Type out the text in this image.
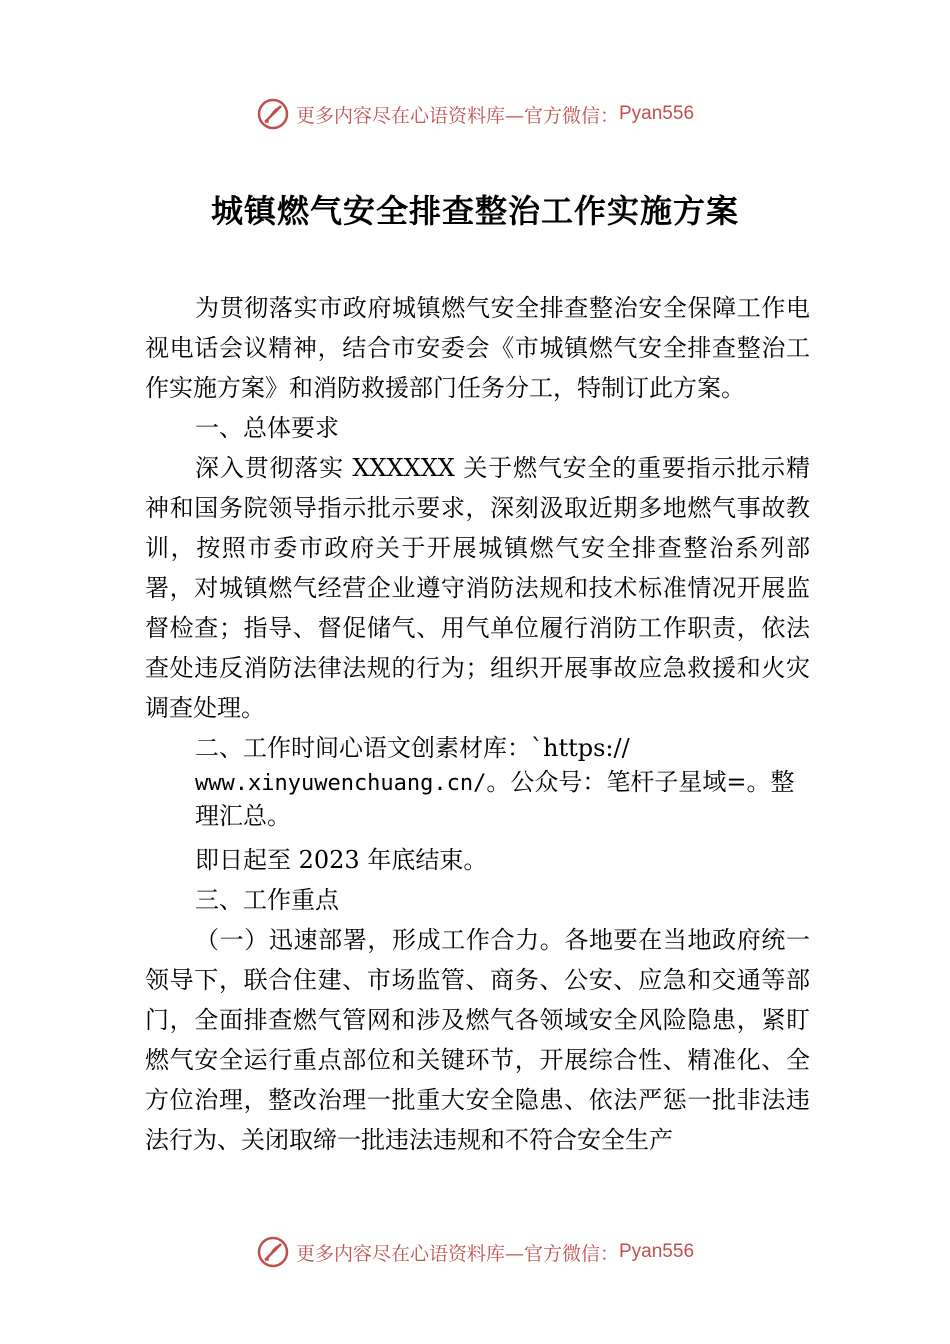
更多内容尽在心语资料库—官方微信： Pyan556
城镇燃气安全排查整治工作实施方案

为贯彻落实市政府城镇燃气安全排查整治安全保障工作电视电话会议精神，结合市安委会《市城镇燃气安全排查整治工作实施方案》和消防救援部门任务分工，特制订此方案。

一、总体要求

深入贯彻落实 XXXXXX 关于燃气安全的重要指示批示精神和国务院领导指示批示要求，深刻汲取近期多地燃气事故教训，按照市委市政府关于开展城镇燃气安全排查整治系列部署，对城镇燃气经营企业遵守消防法规和技术标准情况开展监督检查；指导、督促储气、用气单位履行消防工作职责，依法查处违反消防法律法规的行为；组织开展事故应急救援和火灾调查处理。

二、工作时间心语文创素材库：`https://
www.xinyuwenchuang.cn/。公众号：笔杆子星域=。整理汇总。

即日起至 2023 年底结束。

三、工作重点

（一）迅速部署，形成工作合力。各地要在当地政府统一领导下，联合住建、市场监管、商务、公安、应急和交通等部门，全面排查燃气管网和涉及燃气各领域安全风险隐患，紧盯燃气安全运行重点部位和关键环节，开展综合性、精准化、全方位治理，整改治理一批重大安全隐患、依法严惩一批非法违法行为、关闭取缔一批违法违规和不符合安全生产

更多内容尽在心语资料库—官方微信： Pyan556
